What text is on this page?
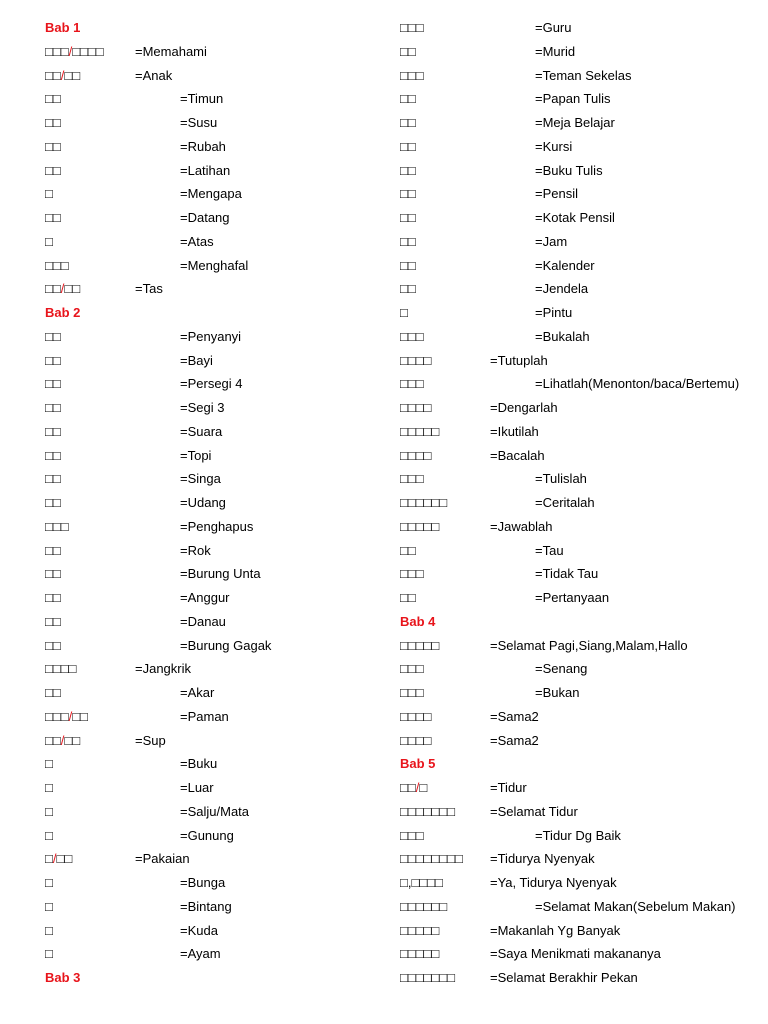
Bab 1
□□□/□□□□ =Memahami
□□/□□	=Anak
□□	=Timun
□□	=Susu
□□	=Rubah
□□	=Latihan
□	=Mengapa
□□	=Datang
□	=Atas
□□□	=Menghafal
□□/□□	=Tas
Bab 2
□□	=Penyanyi
□□	=Bayi
□□	=Persegi 4
□□	=Segi 3
□□	=Suara
□□	=Topi
□□	=Singa
□□	=Udang
□□□	=Penghapus
□□	=Rok
□□	=Burung Unta
□□	=Anggur
□□	=Danau
□□	=Burung Gagak
□□□□	=Jangkrik
□□	=Akar
□□□/□□	=Paman
□□/□□	=Sup
□	=Buku
□	=Luar
□	=Salju/Mata
□	=Gunung
□/□□	=Pakaian
□	=Bunga
□	=Bintang
□	=Kuda
□	=Ayam
Bab 3
□□□	=Guru
□□	=Murid
□□□	=Teman Sekelas
□□	=Papan Tulis
□□	=Meja Belajar
□□	=Kursi
□□	=Buku Tulis
□□	=Pensil
□□	=Kotak Pensil
□□	=Jam
□□	=Kalender
□□	=Jendela
□	=Pintu
□□□	=Bukalah
□□□□	=Tutuplah
□□□	=Lihatlah(Menonton/baca/Bertemu)
□□□□	=Dengarlah
□□□□□	=Ikutilah
□□□□	=Bacalah
□□□	=Tulislah
□□□□□□	=Ceritalah
□□□□□	=Jawablah
□□	=Tau
□□□	=Tidak Tau
□□	=Pertanyaan
Bab 4
□□□□□	=Selamat Pagi,Siang,Malam,Hallo
□□□	=Senang
□□□	=Bukan
□□□□	=Sama2
□□□□	=Sama2
Bab 5
□□/□	=Tidur
□□□□□□□	=Selamat Tidur
□□□	=Tidur Dg Baik
□□□□□□□□ =Tidurya Nyenyak
□,□□□□	=Ya, Tidurya Nyenyak
□□□□□□	=Selamat Makan(Sebelum Makan)
□□□□□	=Makanlah Yg Banyak
□□□□□	=Saya Menikmati makananya
□□□□□□□	=Selamat Berakhir Pekan
